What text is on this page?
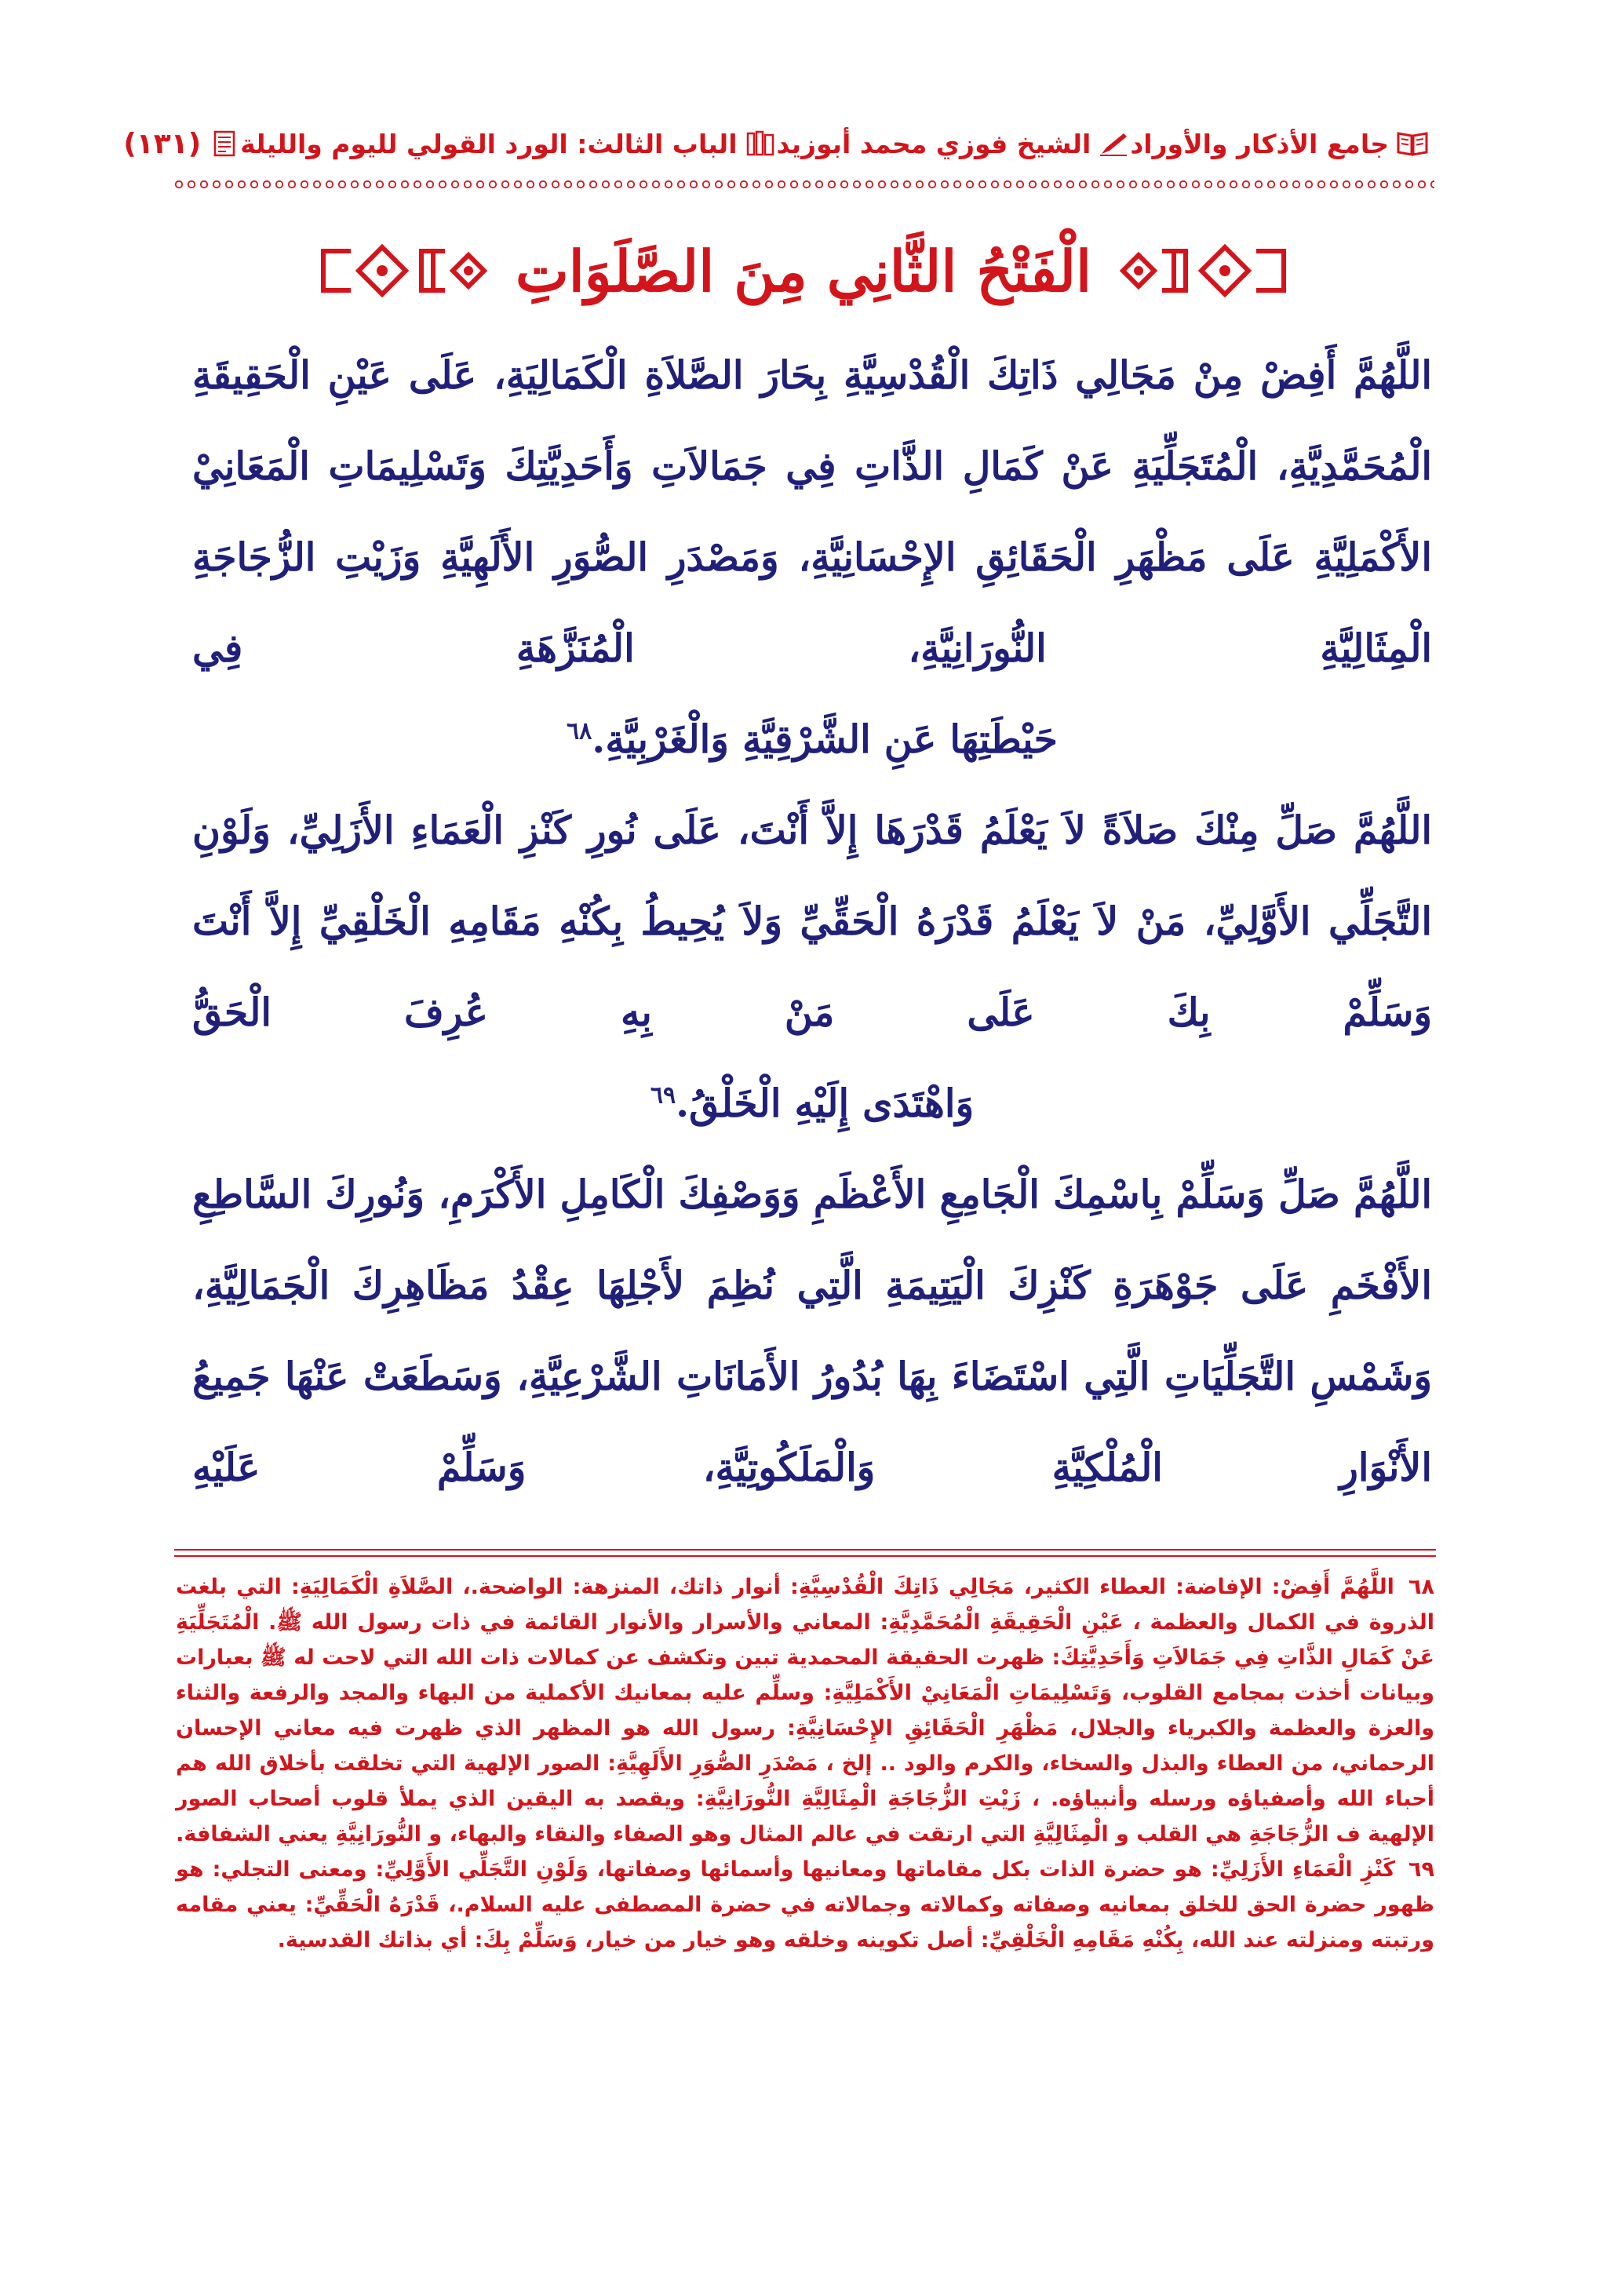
جامع الأذكار والأوراد
الشيخ فوزي محمد أبوزيد
الباب الثالث: الورد القولي لليوم والليلة
(١٣١)
الْفَتْحُ الثَّانِي مِنَ الصَّلَوَاتِ

اللَّهُمَّ أَفِضْ مِنْ مَجَالِي ذَاتِكَ الْقُدْسِيَّةِ بِحَارَ الصَّلاَةِ الْكَمَالِيَةِ، عَلَى عَيْنِ الْحَقِيقَةِ الْمُحَمَّدِيَّةِ، الْمُتَجَلِّيَةِ عَنْ كَمَالِ الذَّاتِ فِي جَمَالاَتِ وَأَحَدِيَّتِكَ وَتَسْلِيمَاتِ الْمَعَانِيْ الأَكْمَلِيَّةِ عَلَى مَظْهَرِ الْحَقَائِقِ الإِحْسَانِيَّةِ، وَمَصْدَرِ الصُّوَرِ الأَلَهِيَّةِ وَزَيْتِ الزُّجَاجَةِ الْمِثَالِيَّةِ النُّورَانِيَّةِ، الْمُنَزَّهَةِ فِي

حَيْطَتِهَا عَنِ الشَّرْقِيَّةِ وَالْغَرْبِيَّةِ.$^{٦٨}$

اللَّهُمَّ صَلِّ مِنْكَ صَلاَةً لاَ يَعْلَمُ قَدْرَهَا إِلاَّ أَنْتَ، عَلَى نُورِ كَنْزِ الْعَمَاءِ الأَزَلِيِّ، وَلَوْنِ التَّجَلِّي الأَوَّلِيِّ، مَنْ لاَ يَعْلَمُ قَدْرَهُ الْحَقِّيِّ وَلاَ يُحِيطُ بِكُنْهِ مَقَامِهِ الْخَلْقِيِّ إِلاَّ أَنْتَ وَسَلِّمْ بِكَ عَلَى مَنْ بِهِ عُرِفَ الْحَقُّ

وَاهْتَدَى إِلَيْهِ الْخَلْقُ.$^{٦٩}$

اللَّهُمَّ صَلِّ وَسَلِّمْ بِاسْمِكَ الْجَامِعِ الأَعْظَمِ وَوَصْفِكَ الْكَامِلِ الأَكْرَمِ، وَنُورِكَ السَّاطِعِ الأَفْخَمِ عَلَى جَوْهَرَةِ كَنْزِكَ الْيَتِيمَةِ الَّتِي نُظِمَ لأَجْلِهَا عِقْدُ مَظَاهِرِكَ الْجَمَالِيَّةِ، وَشَمْسِ التَّجَلِّيَاتِ الَّتِي اسْتَضَاءَ بِهَا بُدُورُ الأَمَانَاتِ الشَّرْعِيَّةِ، وَسَطَعَتْ عَنْهَا جَمِيعُ الأَنْوَارِ الْمُلْكِيَّةِ وَالْمَلَكُوتِيَّةِ، وَسَلِّمْ عَلَيْهِ

٦٨ اللَّهُمَّ أَفِضْ: الإفاضة: العطاء الكثير، مَجَالِي ذَاتِكَ الْقُدْسِيَّةِ: أنوار ذاتك، المنزهة: الواضحة.، الصَّلاَةِ الْكَمَالِيَةِ: التي بلغت الذروة في الكمال والعظمة ، عَيْنِ الْحَقِيقَةِ الْمُحَمَّدِيَّةِ: المعاني والأسرار والأنوار القائمة في ذات رسول الله ﷺ. الْمُتَجَلِّيَةِ عَنْ كَمَالِ الذَّاتِ فِي جَمَالاَتِ وَأَحَدِيَّتِكَ: ظهرت الحقيقة المحمدية تبين وتكشف عن كمالات ذات الله التي لاحت له ﷺ بعبارات وبيانات أخذت بمجامع القلوب، وَتَسْلِيمَاتِ الْمَعَانِيْ الأَكْمَلِيَّةِ: وسلِّم عليه بمعانيك الأكملية من البهاء والمجد والرفعة والثناء والعزة والعظمة والكبرياء والجلال، مَظْهَرِ الْحَقَائِقِ الإِحْسَانِيَّةِ: رسول الله هو المظهر الذي ظهرت فيه معاني الإحسان الرحماني، من العطاء والبذل والسخاء، والكرم والود .. إلخ ، مَصْدَرِ الصُّوَرِ الأَلَهِيَّةِ: الصور الإلهية التي تخلقت بأخلاق الله هم أحباء الله وأصفياؤه ورسله وأنبياؤه. ، زَيْتِ الزُّجَاجَةِ الْمِثَالِيَّةِ النُّورَانِيَّةِ: ويقصد به اليقين الذي يملأ قلوب أصحاب الصور الإلهية ف الزُّجَاجَةِ هي القلب و الْمِثَالِيَّةِ التي ارتقت في عالم المثال وهو الصفاء والنقاء والبهاء، و النُّورَانِيَّةِ يعني الشفافة.

٦٩ كَنْزِ الْعَمَاءِ الأَزَلِيِّ: هو حضرة الذات بكل مقاماتها ومعانيها وأسمائها وصفاتها، وَلَوْنِ التَّجَلِّي الأَوَّلِيِّ: ومعنى التجلي: هو ظهور حضرة الحق للخلق بمعانيه وصفاته وكمالاته وجمالاته في حضرة المصطفى عليه السلام.، قَدْرَهُ الْحَقِّيِّ: يعني مقامه ورتبته ومنزلته عند الله، بِكُنْهِ مَقَامِهِ الْخَلْقِيِّ: أصل تكوينه وخلقه وهو خيار من خيار، وَسَلِّمْ بِكَ: أي بذاتك القدسية.
